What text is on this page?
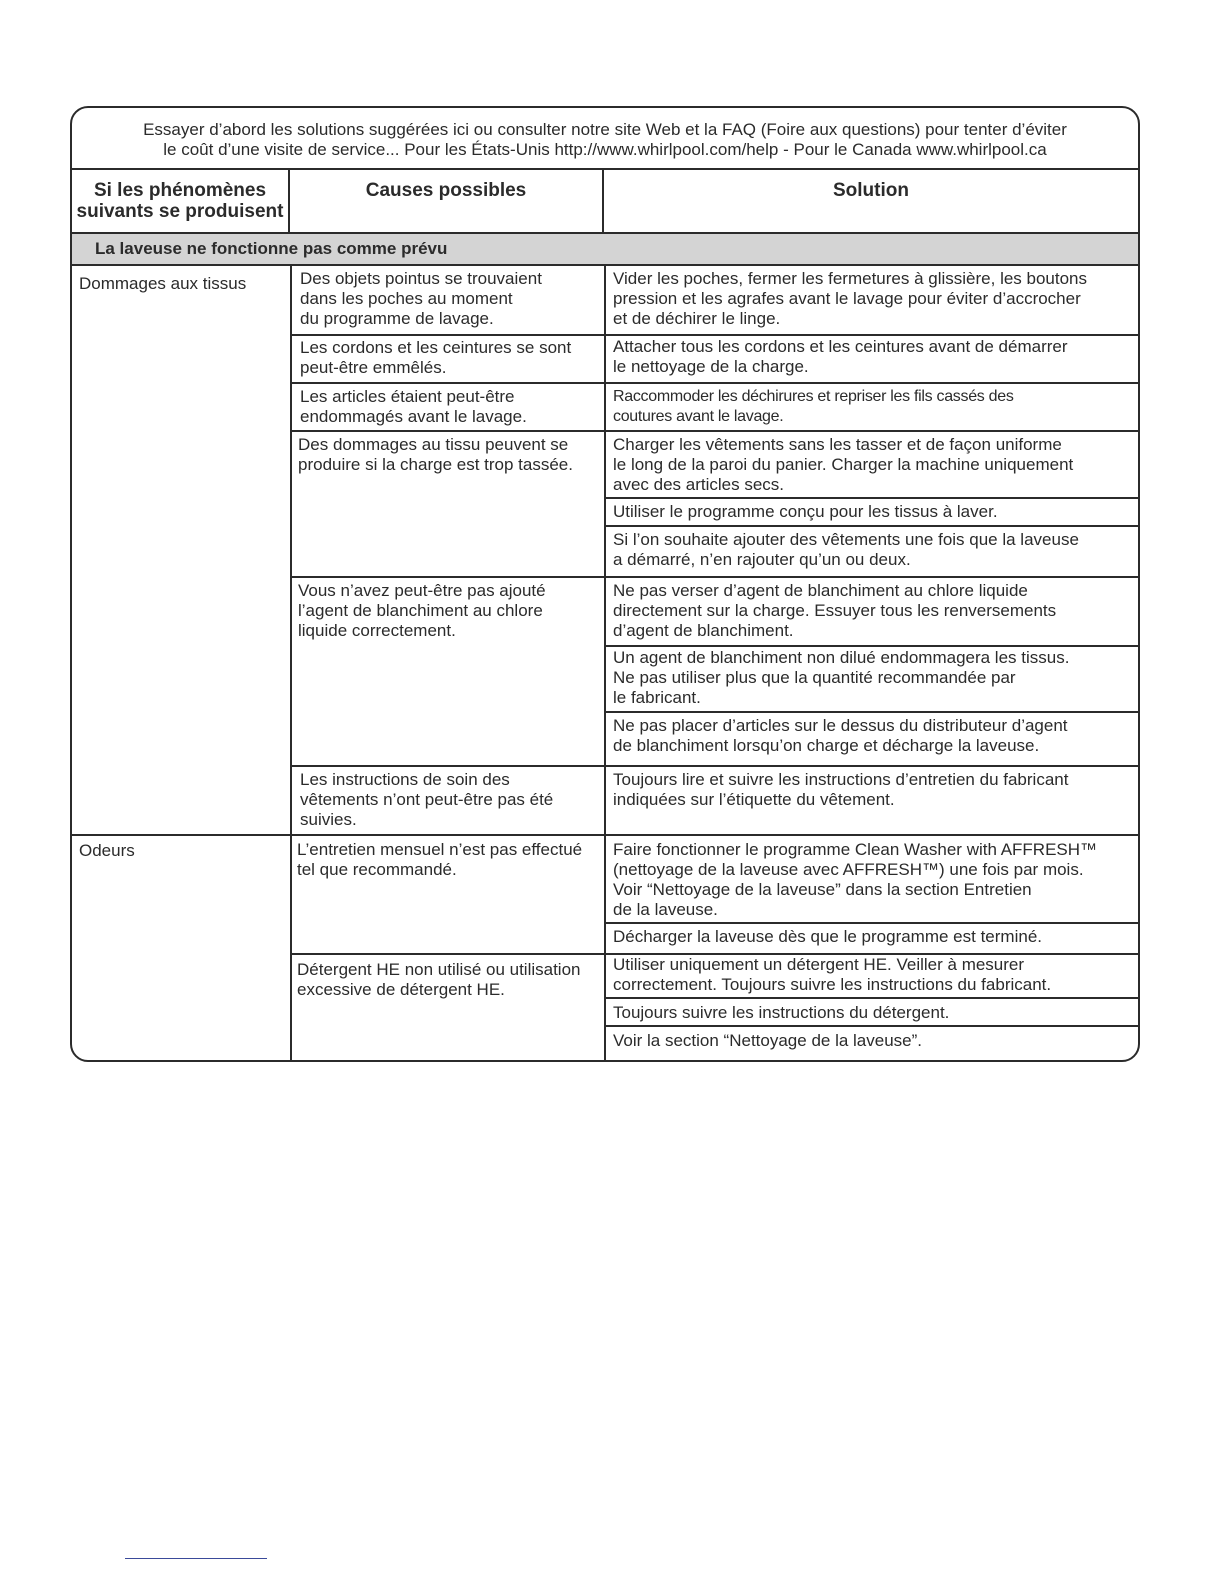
Essayer d’abord les solutions suggérées ici ou consulter notre site Web et la FAQ (Foire aux questions) pour tenter d’éviter
le coût d’une visite de service... Pour les États-Unis http://www.whirlpool.com/help - Pour le Canada www.whirlpool.ca
Si les phénomènes
suivants se produisent
Causes possibles	Solution
La laveuse ne fonctionne pas comme prévu
Dommages aux tissus
Odeurs
Des objets pointus se trouvaient
dans les poches au moment
du programme de lavage.
Les cordons et les ceintures se sont
peut-être emmêlés.
Les articles étaient peut-être
endommagés avant le lavage.
Des dommages au tissu peuvent se
produire si la charge est trop tassée.
Vous n’avez peut-être pas ajouté
l’agent de blanchiment au chlore
liquide correctement.
Les instructions de soin des
vêtements n’ont peut-être pas été
suivies.
L’entretien mensuel n’est pas effectué
tel que recommandé.
Détergent HE non utilisé ou utilisation
excessive de détergent HE.
Vider les poches, fermer les fermetures à glissière, les boutons
pression et les agrafes avant le lavage pour éviter d’accrocher
et de déchirer le linge.
Attacher tous les cordons et les ceintures avant de démarrer
le nettoyage de la charge.
Raccommoder les déchirures et repriser les fils cassés des
coutures avant le lavage.
Charger les vêtements sans les tasser et de façon uniforme
le long de la paroi du panier. Charger la machine uniquement
avec des articles secs.
Utiliser le programme conçu pour les tissus à laver.
Si l’on souhaite ajouter des vêtements une fois que la laveuse
a démarré, n’en rajouter qu’un ou deux.
Ne pas verser d’agent de blanchiment au chlore liquide
directement sur la charge. Essuyer tous les renversements
d’agent de blanchiment.
Un agent de blanchiment non dilué endommagera les tissus.
Ne pas utiliser plus que la quantité recommandée par
le fabricant.
Ne pas placer d’articles sur le dessus du distributeur d’agent
de blanchiment lorsqu’on charge et décharge la laveuse.
Toujours lire et suivre les instructions d’entretien du fabricant
indiquées sur l’étiquette du vêtement.
Faire fonctionner le programme Clean Washer with AFFRESH™
(nettoyage de la laveuse avec AFFRESH™) une fois par mois.
Voir “Nettoyage de la laveuse” dans la section Entretien
de la laveuse.
Décharger la laveuse dès que le programme est terminé.
Utiliser uniquement un détergent HE. Veiller à mesurer
correctement. Toujours suivre les instructions du fabricant.
Toujours suivre les instructions du détergent.
Voir la section “Nettoyage de la laveuse”.
